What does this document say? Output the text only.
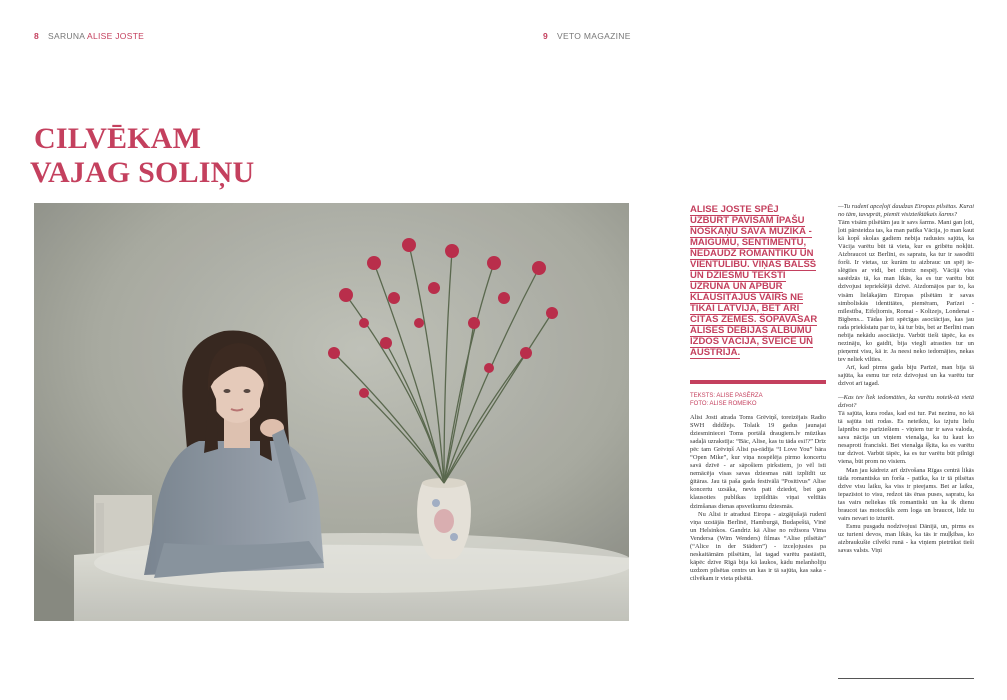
8 SARUNA ALISE JOSTE	9 VETO MAGAZINE
CILVĒKAM
VAJAG SOLIŅU
ALISE JOSTE SPĒJ UZBURT PAVISAM ĪPAŠU NOSKAŅU SAVĀ MŪZIKĀ - MAIGUMU, SENTIMENTU, NEDAUDZ ROMANTIKU UN VIENTULĪBU. VIŅAS BALSS UN DZIESMU TEKSTI UZRUNĀ UN APBUR KLAUSĪTĀJUS VAIRS NE TIKAI LATVIJĀ, BET ARĪ CITĀS ZEMĒS. ŠOPAVASAR ALISES DEBIJAS ALBUMU IZDOS VĀCIJĀ, ŠVEICĒ UN AUSTRIJĀ.
TEKSTS: ALISE PASĒRZA
FOTO: ALISE ROMEIKO

Alisi Josti atrada Toms Grēviņš, toreizējais Radio SWH diddžejs. Tolaik 19 gadus jaunajai dziesminiecei Toms portālā draugiem.lv mūzikas sadaļā uzrakstīja: “Bāc, Alise, kas tu tāda esi!?” Drīz pēc tam Grēviņš Alisi pa-rādīja “I Love You” bāra “Open Mike”, kur viņa nospēlēja pirmo koncertu savā dzīvē - ar sāpošiem pirkstiem, jo vēl īsti nemācēja visas savas dziesmas nāti izplīdīt uz ģitāras. Jau tā paša gada festivālā “Positivus” Alise koncertu uzsāka, nevis pati dziedot, bet gan klausoties publikas izpildītās viņai veltītās dzimšanas dienas apsveikumu dziesmās.

Nu Alisi ir atradusi Eiropa - aizgājušajā rudenī viņa uzstājās Berlīnē, Hamburgā, Budapeštā, Vīnē un Helsinkos. Gandriz kā Alise no režisora Vima Vendersa (Wim Wenders) filmas “Alise pilsētās” (“Alice in der Städten”) - izceļojusies pa neskaitāmām pilsētām, lai tagad varētu pastāstīt, kāpēc dzīve Rīgā bija kā laukos, kādu melanholiju uzdzen pilsētas centrs un kas ir tā sajūta, kas saka - cilvēkam ir vieta pilsētā.

—Tu rudenī apceļoji daudzas Eiropas pilsētas. Kurai no tām, tavuprāt, piemīt visizteiktākais šarms?

Tām visām pilsētām jau ir savs šarms. Mani gan ļoti, ļoti pārsteidza tas, ka man patīka Vācija, jo man kaut kā kopš skolas gadiem nebija radusies sajūta, ka Vācija varētu būt tā vieta, kur es gribētu nokļūt. Aizbraucot uz Berlīni, es sapratu, ka tur ir sasodīti forši. Ir vietas, uz kurām tu aizbrauc un spēj ie-slēgties ar vidi, bet citreiz nespēj. Vācijā viss sasēdzās tā, ka man likās, ka es tur varētu būt dzīvojusi iepriekšējā dzīvē. Aizdomājos par to, ka visām lielākajām Eiropas pilsētām ir savas simboliskās identitātes, piemēram, Parīzei - mīlestība, Eifeļtornis, Romai - Kolizejs, Londenai - Bigbens... Tādas ļoti spēcīgas asociācijas, kas jau rada priekšstatu par to, kā tur būs, bet ar Berlīni man nebija nekādu asociāciju. Varbūt tieši tāpēc, ka es nezināju, ko gaidīt, bija vieglī atrasties tur un pieņemt visu, kā ir. Ja neesi neko iedomājies, nekas tev neliek vilties.

Arī, kad pirms gada biju Parīzē, man bija tā sajūta, ka esmu tur reiz dzīvojusi un ka varētu tur dzīvot arī tagad.

—Kas tev liek iedomāties, ka varētu noteik-tā vietā dzīvot?

Tā sajūta, kura rodas, kad esi tur. Pat nezinu, no kā tā sajūta isti rodas. Es neteiktu, ka izjutu lielu laipnību no parīziešiem - viņiem tur ir sava valoda, sava nācija un viņiem vienalga, ka tu kaut ko nesaproti franciski. Bet vienalga šķita, ka es varētu tur dzīvot. Varbūt tāpēc, ka es tur varētu būt pilnīgi viena, būt prom no visiem.

Man jau kādreiz arī dzīvošana Rīgas centrā likās tāda romantiska un forša - patīka, ka ir tā pilsētas dzīve visu laiku, ka viss ir pieejams. Bet ar laiku, iepazīstot to visu, redzot tās ēnas puses, sapratu, ka tas vairs neliekas tik romantiski un ka ik dienu braucot tas motocikls zem loga un braucot, lidz tu vairs nevari to izturēt.

Esmu pusgadu nodzīvojusi Dānijā, un, pirms es uz turieni devos, man likās, ka tās ir muļķības, ko aizbraukušie cilvēki runā - ka viņiem pietrūkst tieši savas valsts. Viņi
